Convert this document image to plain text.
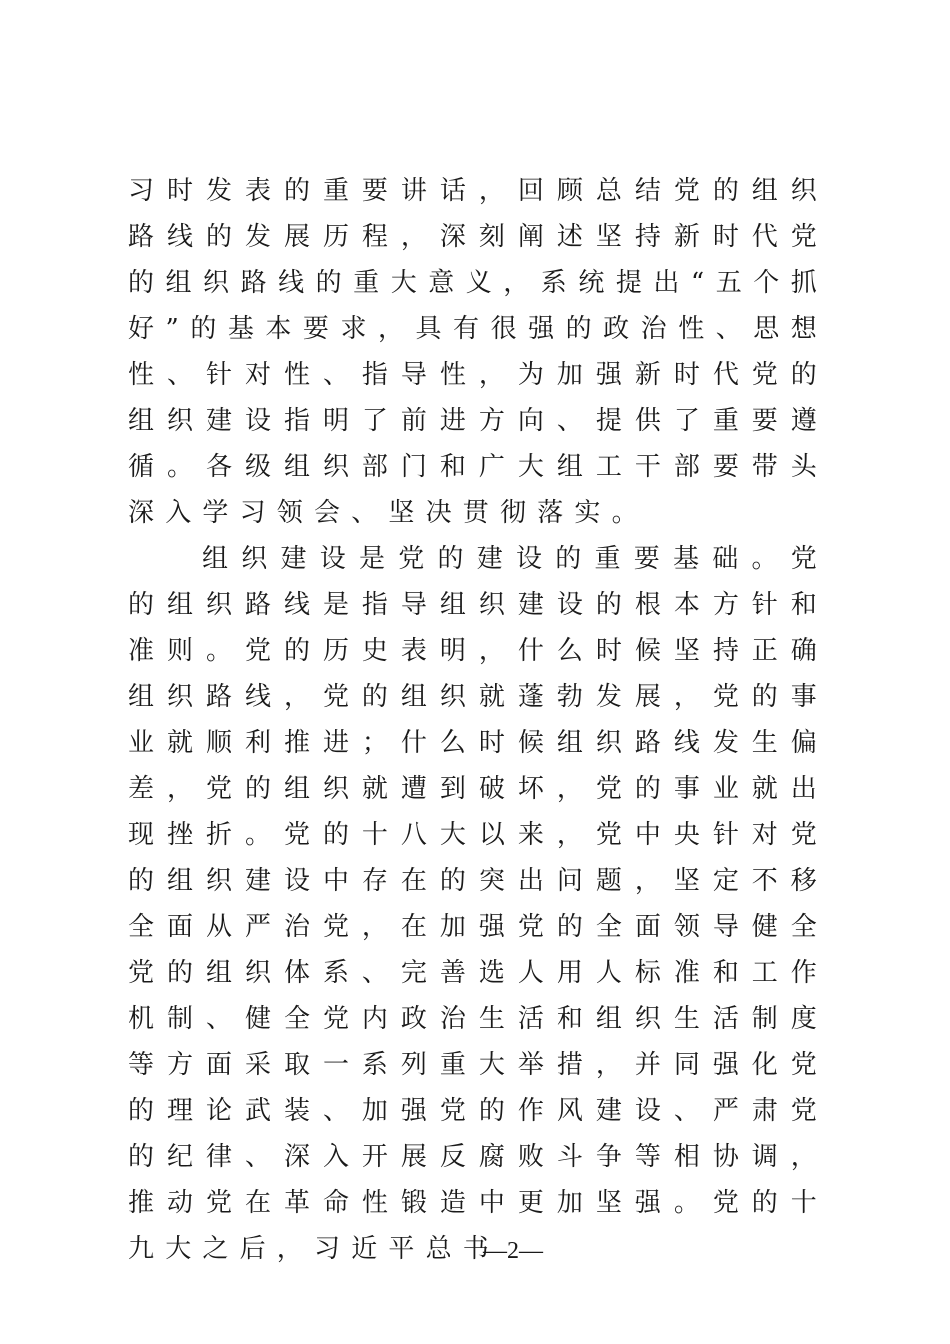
习时发表的重要讲话，回顾总结党的组织路线的发展历程，深刻阐述坚持新时代党的组织路线的重大意义，系统提出“五个抓好”的基本要求，具有很强的政治性、思想性、针对性、指导性，为加强新时代党的组织建设指明了前进方向、提供了重要遵循。各级组织部门和广大组工干部要带头深入学习领会、坚决贯彻落实。

组织建设是党的建设的重要基础。党的组织路线是指导组织建设的根本方针和准则。党的历史表明，什么时候坚持正确组织路线，党的组织就蓬勃发展，党的事业就顺利推进；什么时候组织路线发生偏差，党的组织就遭到破坏，党的事业就出现挫折。党的十八大以来，党中央针对党的组织建设中存在的突出问题，坚定不移全面从严治党，在加强党的全面领导健全党的组织体系、完善选人用人标准和工作机制、健全党内政治生活和组织生活制度等方面采取一系列重大举措，并同强化党的理论武装、加强党的作风建设、严肃党的纪律、深入开展反腐败斗争等相协调，推动党在革命性锻造中更加坚强。党的十九大之后，习近平总书

—2—
